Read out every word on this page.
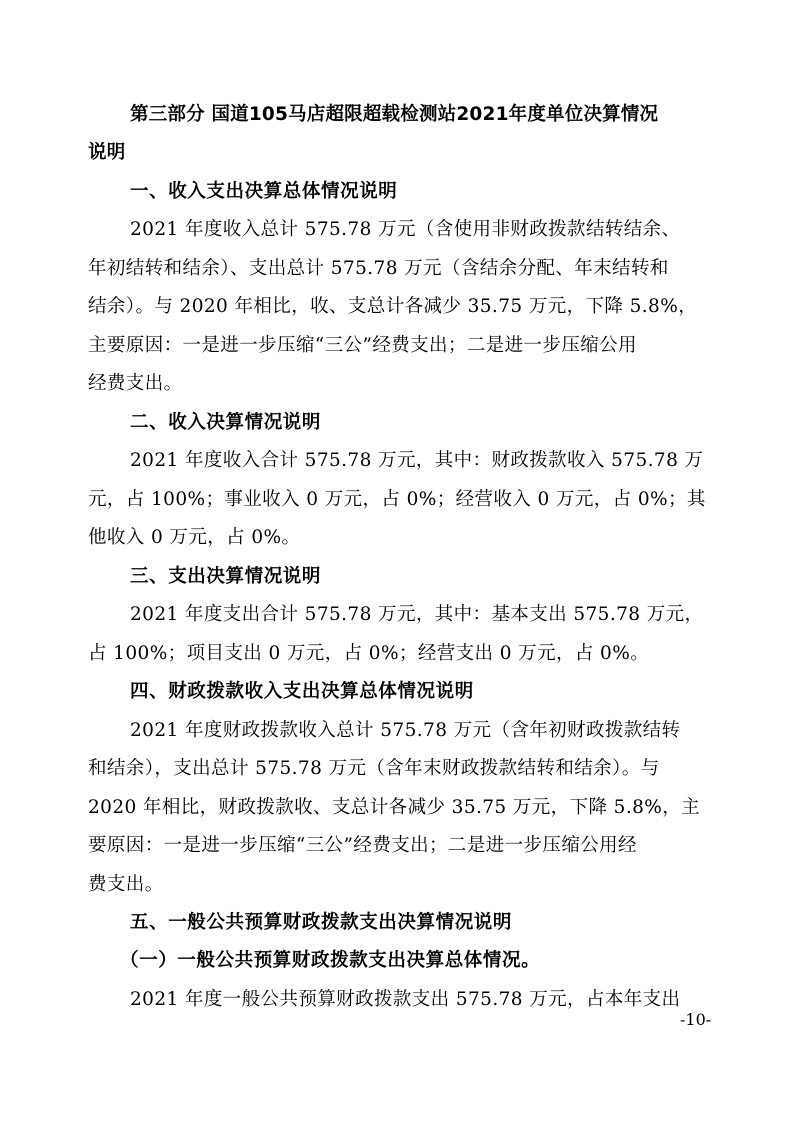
第三部分 国道105马店超限超载检测站2021年度单位决算情况
说明
一、收入支出决算总体情况说明
2021 年度收入总计 575.78 万元（含使用非财政拨款结转结余、
年初结转和结余）、支出总计 575.78 万元（含结余分配、年末结转和
结余）。与 2020 年相比，收、支总计各减少 35.75 万元，下降 5.8%，
主要原因：一是进一步压缩“三公”经费支出；二是进一步压缩公用
经费支出。
二、收入决算情况说明
2021 年度收入合计 575.78 万元，其中：财政拨款收入 575.78 万
元，占 100%；事业收入 0 万元，占 0%；经营收入 0 万元，占 0%；其
他收入 0 万元，占 0%。
三、支出决算情况说明
2021 年度支出合计 575.78 万元，其中：基本支出 575.78 万元，
占 100%；项目支出 0 万元，占 0%；经营支出 0 万元，占 0%。
四、财政拨款收入支出决算总体情况说明
2021 年度财政拨款收入总计 575.78 万元（含年初财政拨款结转
和结余），支出总计 575.78 万元（含年末财政拨款结转和结余）。与
2020 年相比，财政拨款收、支总计各减少 35.75 万元，下降 5.8%，主
要原因：一是进一步压缩“三公”经费支出；二是进一步压缩公用经
费支出。
五、一般公共预算财政拨款支出决算情况说明
（一）一般公共预算财政拨款支出决算总体情况。
2021 年度一般公共预算财政拨款支出 575.78 万元，占本年支出
-10-
